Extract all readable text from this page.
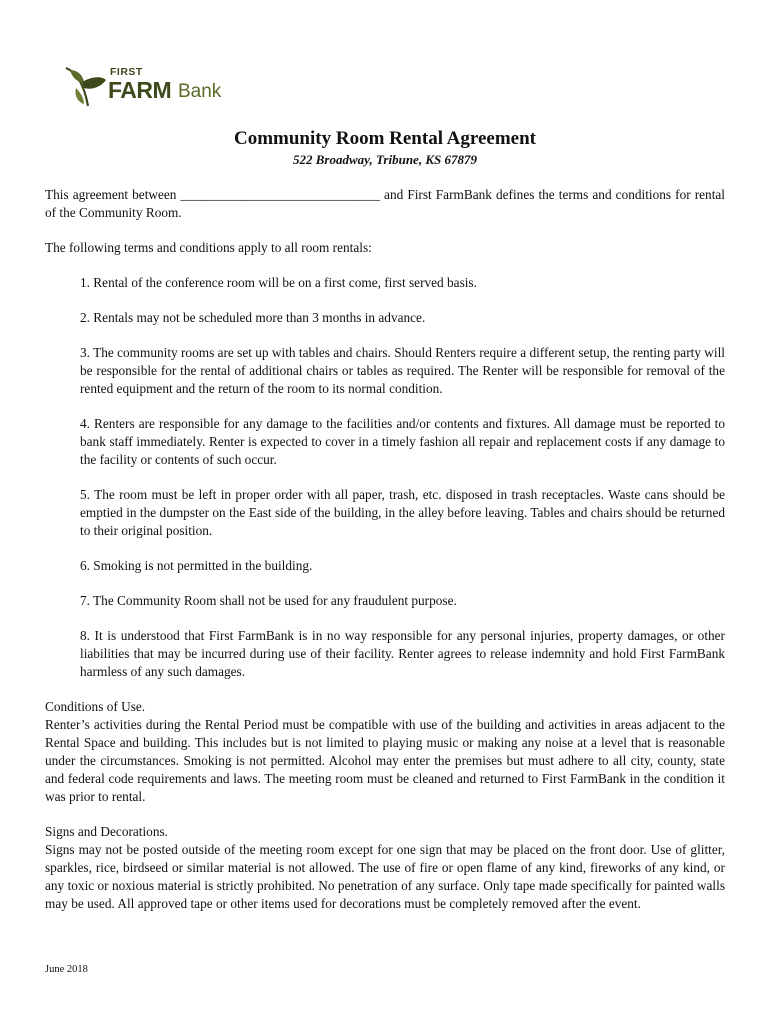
FIRST
FARM Bank
Community Room Rental Agreement

522 Broadway, Tribune, KS 67879

This agreement between ______________________________ and First FarmBank defines the terms and conditions for rental of the Community Room.

The following terms and conditions apply to all room rentals:

1. Rental of the conference room will be on a first come, first served basis.
2. Rentals may not be scheduled more than 3 months in advance.
3. The community rooms are set up with tables and chairs. Should Renters require a different setup, the renting party will be responsible for the rental of additional chairs or tables as required. The Renter will be responsible for removal of the rented equipment and the return of the room to its normal condition.
4. Renters are responsible for any damage to the facilities and/or contents and fixtures. All damage must be reported to bank staff immediately. Renter is expected to cover in a timely fashion all repair and replacement costs if any damage to the facility or contents of such occur.
5. The room must be left in proper order with all paper, trash, etc. disposed in trash receptacles. Waste cans should be emptied in the dumpster on the East side of the building, in the alley before leaving. Tables and chairs should be returned to their original position.
6. Smoking is not permitted in the building.
7. The Community Room shall not be used for any fraudulent purpose.
8. It is understood that First FarmBank is in no way responsible for any personal injuries, property damages, or other liabilities that may be incurred during use of their facility. Renter agrees to release indemnity and hold First FarmBank harmless of any such damages.

Conditions of Use.

Renter’s activities during the Rental Period must be compatible with use of the building and activities in areas adjacent to the Rental Space and building. This includes but is not limited to playing music or making any noise at a level that is reasonable under the circumstances. Smoking is not permitted. Alcohol may enter the premises but must adhere to all city, county, state and federal code requirements and laws. The meeting room must be cleaned and returned to First FarmBank in the condition it was prior to rental.

Signs and Decorations.

Signs may not be posted outside of the meeting room except for one sign that may be placed on the front door. Use of glitter, sparkles, rice, birdseed or similar material is not allowed. The use of fire or open flame of any kind, fireworks of any kind, or any toxic or noxious material is strictly prohibited. No penetration of any surface. Only tape made specifically for painted walls may be used. All approved tape or other items used for decorations must be completely removed after the event.

June 2018
